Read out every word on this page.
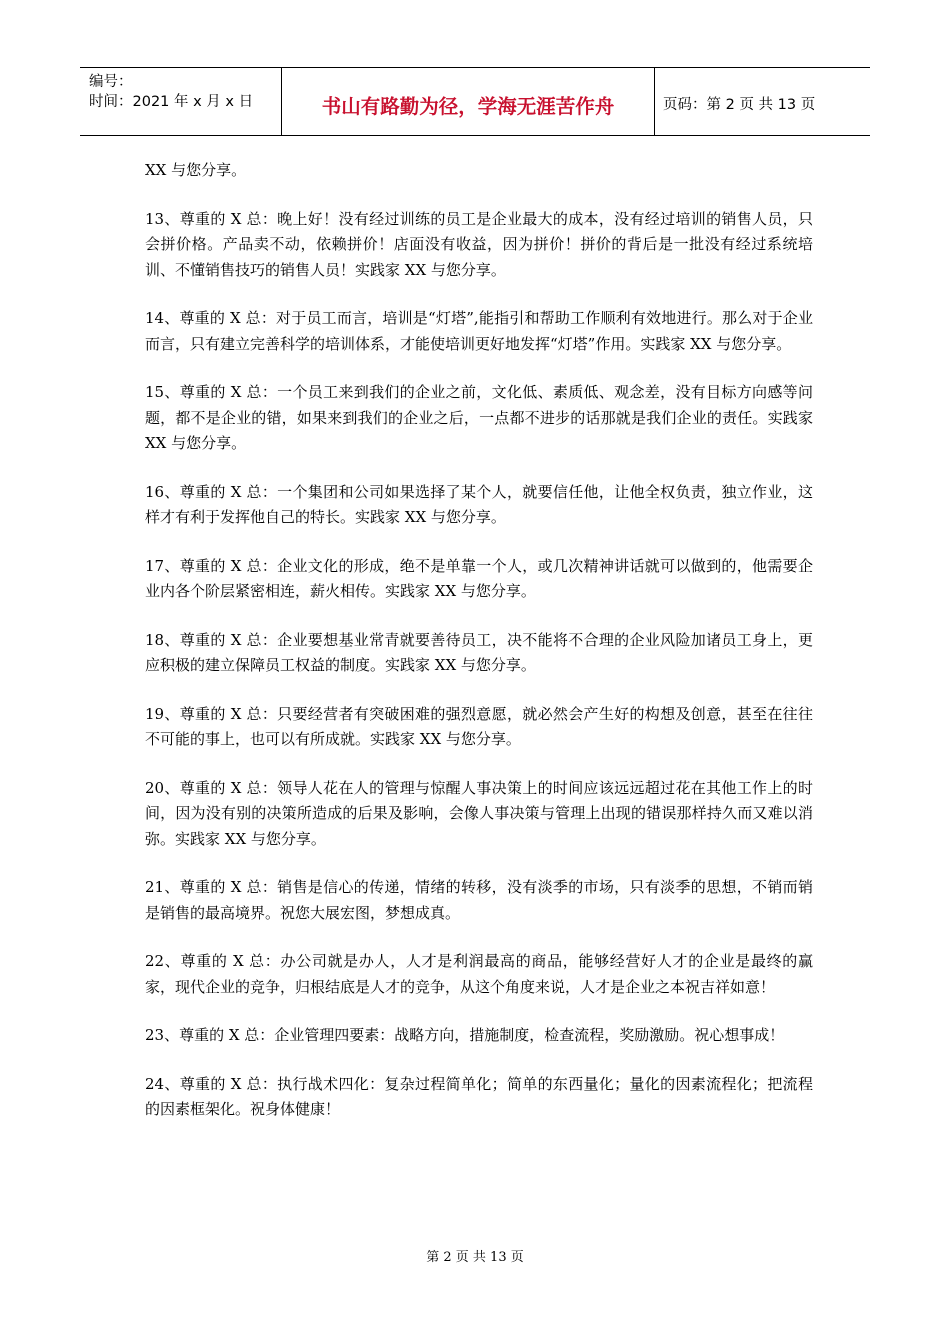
编号：
时间：2021 年 x 月 x 日	书山有路勤为径，学海无涯苦作舟	页码：第 2 页 共 13 页

XX 与您分享。

13、尊重的 X 总：晚上好！没有经过训练的员工是企业最大的成本，没有经过培训的销售人员，只会拼价格。产品卖不动，依赖拼价！店面没有收益，因为拼价！拼价的背后是一批没有经过系统培训、不懂销售技巧的销售人员！实践家 XX 与您分享。

14、尊重的 X 总：对于员工而言，培训是“灯塔”,能指引和帮助工作顺利有效地进行。那么对于企业而言，只有建立完善科学的培训体系，才能使培训更好地发挥“灯塔”作用。实践家 XX 与您分享。

15、尊重的 X 总：一个员工来到我们的企业之前，文化低、素质低、观念差，没有目标方向感等问题，都不是企业的错，如果来到我们的企业之后，一点都不进步的话那就是我们企业的责任。实践家 XX 与您分享。

16、尊重的 X 总：一个集团和公司如果选择了某个人，就要信任他，让他全权负责，独立作业，这样才有利于发挥他自己的特长。实践家 XX 与您分享。

17、尊重的 X 总：企业文化的形成，绝不是单靠一个人，或几次精神讲话就可以做到的，他需要企业内各个阶层紧密相连，薪火相传。实践家 XX 与您分享。

18、尊重的 X 总：企业要想基业常青就要善待员工，决不能将不合理的企业风险加诸员工身上，更应积极的建立保障员工权益的制度。实践家 XX 与您分享。

19、尊重的 X 总：只要经营者有突破困难的强烈意愿，就必然会产生好的构想及创意，甚至在往往不可能的事上，也可以有所成就。实践家 XX 与您分享。

20、尊重的 X 总：领导人花在人的管理与惊醒人事决策上的时间应该远远超过花在其他工作上的时间，因为没有别的决策所造成的后果及影响，会像人事决策与管理上出现的错误那样持久而又难以消弥。实践家 XX 与您分享。

21、尊重的 X 总：销售是信心的传递，情绪的转移，没有淡季的市场，只有淡季的思想，不销而销是销售的最高境界。祝您大展宏图，梦想成真。

22、尊重的 X 总：办公司就是办人，人才是利润最高的商品，能够经营好人才的企业是最终的赢家，现代企业的竞争，归根结底是人才的竞争，从这个角度来说，人才是企业之本祝吉祥如意！

23、尊重的 X 总：企业管理四要素：战略方向，措施制度，检查流程，奖励激励。祝心想事成！

24、尊重的 X 总：执行战术四化：复杂过程简单化；简单的东西量化；量化的因素流程化；把流程的因素框架化。祝身体健康！

第 2 页 共 13 页
